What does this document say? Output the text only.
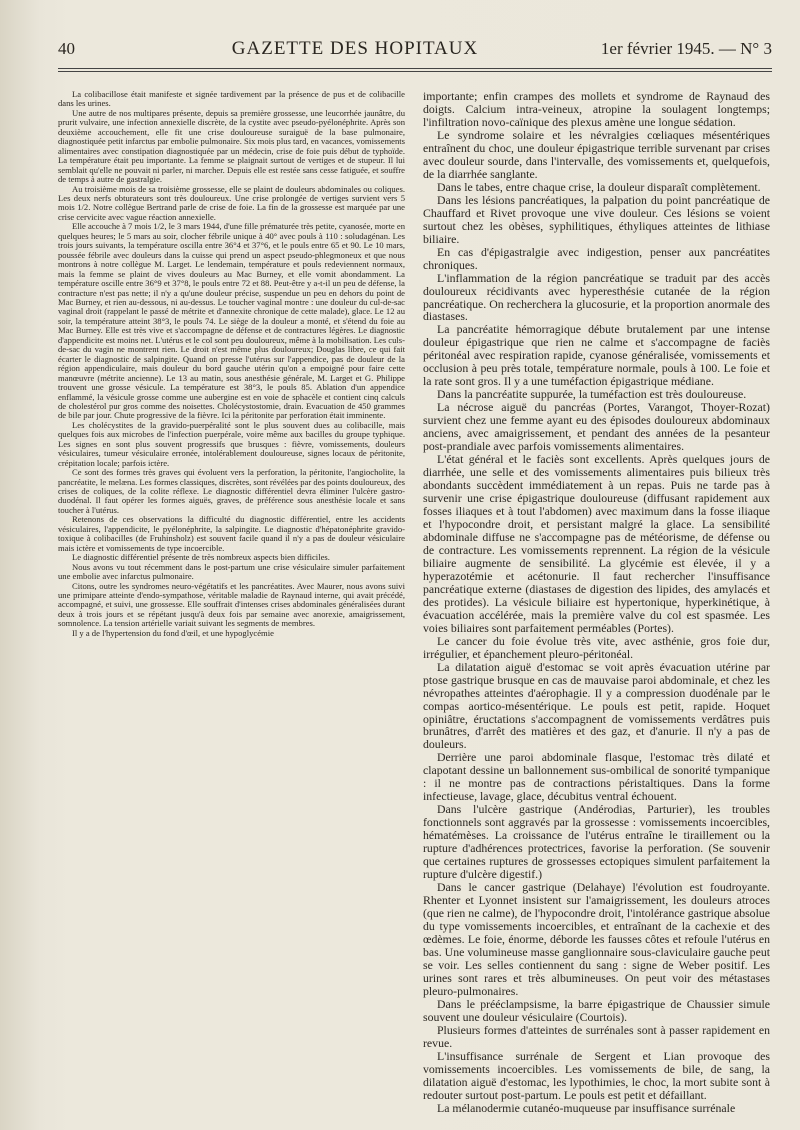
40	GAZETTE DES HOPITAUX	1er février 1945. — N° 3

La colibacillose était manifeste et signée tardivement par la présence de pus et de colibacille dans les urines.

Une autre de nos multipares présente, depuis sa première grossesse, une leucorrhée jaunâtre, du prurit vulvaire, une infection annexielle discrète, de la cystite avec pseudo-pyélonéphrite. Après son deuxième accouchement, elle fit une crise douloureuse suraiguë de la base pulmonaire, diagnostiquée petit infarctus par embolie pulmonaire. Six mois plus tard, en vacances, vomissements alimentaires avec constipation diagnostiquée par un médecin, crise de foie puis début de typhoïde. La température était peu importante. La femme se plaignait surtout de vertiges et de stupeur. Il lui semblait qu'elle ne pouvait ni parler, ni marcher. Depuis elle est restée sans cesse fatiguée, et souffre de temps à autre de gastralgie.

Au troisième mois de sa troisième grossesse, elle se plaint de douleurs abdominales ou coliques. Les deux nerfs obturateurs sont très douloureux. Une crise prolongée de vertiges survient vers 5 mois 1/2. Notre collègue Bertrand parle de crise de foie. La fin de la grossesse est marquée par une crise cervicite avec vague réaction annexielle.

Elle accouche à 7 mois 1/2, le 3 mars 1944, d'une fille prématurée très petite, cyanosée, morte en quelques heures; le 5 mars au soir, clocher fébrile unique à 40° avec pouls à 110 : soludagénan. Les trois jours suivants, la température oscilla entre 36°4 et 37°6, et le pouls entre 65 et 90. Le 10 mars, poussée fébrile avec douleurs dans la cuisse qui prend un aspect pseudo-phlegmoneux et que nous montrons à notre collègue M. Larget. Le lendemain, température et pouls redeviennent normaux, mais la femme se plaint de vives douleurs au Mac Burney, et elle vomit abondamment. La température oscille entre 36°9 et 37°8, le pouls entre 72 et 88. Peut-être y a-t-il un peu de défense, la contracture n'est pas nette; il n'y a qu'une douleur précise, suspendue un peu en dehors du point de Mac Burney, et rien au-dessous, ni au-dessus. Le toucher vaginal montre : une douleur du cul-de-sac vaginal droit (rappelant le passé de métrite et d'annexite chronique de cette malade), glace. Le 12 au soir, la température atteint 38°3, le pouls 74. Le siège de la douleur a monté, et s'étend du foie au Mac Burney. Elle est très vive et s'accompagne de défense et de contractures légères. Le diagnostic d'appendicite est moins net. L'utérus et le col sont peu douloureux, même à la mobilisation. Les culs-de-sac du vagin ne montrent rien. Le droit n'est même plus douloureux; Douglas libre, ce qui fait écarter le diagnostic de salpingite. Quand on presse l'utérus sur l'appendice, pas de douleur de la région appendiculaire, mais douleur du bord gauche utérin qu'on a empoigné pour faire cette manœuvre (métrite ancienne). Le 13 au matin, sous anesthésie générale, M. Larget et G. Philippe trouvent une grosse vésicule. La température est 38°3, le pouls 85. Ablation d'un appendice enflammé, la vésicule grosse comme une aubergine est en voie de sphacèle et contient cinq calculs de cholestérol pur gros comme des noisettes. Cholécystostomie, drain. Evacuation de 450 grammes de bile par jour. Chute progressive de la fièvre. Ici la péritonite par perforation était imminente.

Les cholécystites de la gravido-puerpéralité sont le plus souvent dues au colibacille, mais quelques fois aux microbes de l'infection puerpérale, voire même aux bacilles du groupe typhique. Les signes en sont plus souvent progressifs que brusques : fièvre, vomissements, douleurs vésiculaires, tumeur vésiculaire erronée, intolérablement douloureuse, signes locaux de péritonite, crépitation locale; parfois ictère.

Ce sont des formes très graves qui évoluent vers la perforation, la péritonite, l'angiocholite, la pancréatite, le melæna. Les formes classiques, discrètes, sont révélées par des points douloureux, des crises de coliques, de la colite réflexe. Le diagnostic différentiel devra éliminer l'ulcère gastro-duodénal. Il faut opérer les formes aiguës, graves, de préférence sous anesthésie locale et sans toucher à l'utérus.

Retenons de ces observations la difficulté du diagnostic différentiel, entre les accidents vésiculaires, l'appendicite, le pyélonéphrite, la salpingite. Le diagnostic d'hépatonéphrite gravido-toxique à colibacilles (de Fruhinsholz) est souvent facile quand il n'y a pas de douleur vésiculaire mais ictère et vomissements de type incoercible.

Le diagnostic différentiel présente de très nombreux aspects bien difficiles.

Nous avons vu tout récemment dans le post-partum une crise vésiculaire simuler parfaitement une embolie avec infarctus pulmonaire.

Citons, outre les syndromes neuro-végétatifs et les pancréatites. Avec Maurer, nous avons suivi une primipare atteinte d'endo-sympathose, véritable maladie de Raynaud interne, qui avait précédé, accompagné, et suivi, une grossesse. Elle souffrait d'intenses crises abdominales généralisées durant deux à trois jours et se répétant jusqu'à deux fois par semaine avec anorexie, amaigrissement, somnolence. La tension artérielle variait suivant les segments de membres.

Il y a de l'hypertension du fond d'œil, et une hypoglycémie

importante; enfin crampes des mollets et syndrome de Raynaud des doigts. Calcium intra-veineux, atropine la soulagent longtemps; l'infiltration novo-caïnique des plexus amène une longue sédation.

Le syndrome solaire et les névralgies cœliaques mésentériques entraînent du choc, une douleur épigastrique terrible survenant par crises avec douleur sourde, dans l'intervalle, des vomissements et, quelquefois, de la diarrhée sanglante.

Dans le tabes, entre chaque crise, la douleur disparaît complètement.

Dans les lésions pancréatiques, la palpation du point pancréatique de Chauffard et Rivet provoque une vive douleur. Ces lésions se voient surtout chez les obèses, syphilitiques, éthyliques atteintes de lithiase biliaire.

En cas d'épigastralgie avec indigestion, penser aux pancréatites chroniques.

L'inflammation de la région pancréatique se traduit par des accès douloureux récidivants avec hyperesthésie cutanée de la région pancréatique. On recherchera la glucosurie, et la proportion anormale des diastases.

La pancréatite hémorragique débute brutalement par une intense douleur épigastrique que rien ne calme et s'accompagne de faciès péritonéal avec respiration rapide, cyanose généralisée, vomissements et occlusion à peu près totale, température normale, pouls à 100. Le foie et la rate sont gros. Il y a une tuméfaction épigastrique médiane.

Dans la pancréatite suppurée, la tuméfaction est très douloureuse.

La nécrose aiguë du pancréas (Portes, Varangot, Thoyer-Rozat) survient chez une femme ayant eu des épisodes douloureux abdominaux anciens, avec amaigrissement, et pendant des années de la pesanteur post-prandiale avec parfois vomissements alimentaires.

L'état général et le faciès sont excellents. Après quelques jours de diarrhée, une selle et des vomissements alimentaires puis bilieux très abondants succèdent immédiatement à un repas. Puis ne tarde pas à survenir une crise épigastrique douloureuse (diffusant rapidement aux fosses iliaques et à tout l'abdomen) avec maximum dans la fosse iliaque et l'hypocondre droit, et persistant malgré la glace. La sensibilité abdominale diffuse ne s'accompagne pas de météorisme, de défense ou de contracture. Les vomissements reprennent. La région de la vésicule biliaire augmente de sensibilité. La glycémie est élevée, il y a hyperazotémie et acétonurie. Il faut rechercher l'insuffisance pancréatique externe (diastases de digestion des lipides, des amylacés et des protides). La vésicule biliaire est hypertonique, hyperkinétique, à évacuation accélérée, mais la première valve du col est spasmée. Les voies biliaires sont parfaitement perméables (Portes).

Le cancer du foie évolue très vite, avec asthénie, gros foie dur, irrégulier, et épanchement pleuro-péritonéal.

La dilatation aiguë d'estomac se voit après évacuation utérine par ptose gastrique brusque en cas de mauvaise paroi abdominale, et chez les névropathes atteintes d'aérophagie. Il y a compression duodénale par le compas aortico-mésentérique. Le pouls est petit, rapide. Hoquet opiniâtre, éructations s'accompagnent de vomissements verdâtres puis brunâtres, d'arrêt des matières et des gaz, et d'anurie. Il n'y a pas de douleurs.

Derrière une paroi abdominale flasque, l'estomac très dilaté et clapotant dessine un ballonnement sus-ombilical de sonorité tympanique : il ne montre pas de contractions péristaltiques. Dans la forme infectieuse, lavage, glace, décubitus ventral échouent.

Dans l'ulcère gastrique (Andérodias, Parturier), les troubles fonctionnels sont aggravés par la grossesse : vomissements incoercibles, hématémèses. La croissance de l'utérus entraîne le tiraillement ou la rupture d'adhérences protectrices, favorise la perforation. (Se souvenir que certaines ruptures de grossesses ectopiques simulent parfaitement la rupture d'ulcère digestif.)

Dans le cancer gastrique (Delahaye) l'évolution est foudroyante. Rhenter et Lyonnet insistent sur l'amaigrissement, les douleurs atroces (que rien ne calme), de l'hypocondre droit, l'intolérance gastrique absolue du type vomissements incoercibles, et entraînant de la cachexie et des œdèmes. Le foie, énorme, déborde les fausses côtes et refoule l'utérus en bas. Une volumineuse masse ganglionnaire sous-claviculaire gauche peut se voir. Les selles contiennent du sang : signe de Weber positif. Les urines sont rares et très albumineuses. On peut voir des métastases pleuro-pulmonaires.

Dans le prééclampsisme, la barre épigastrique de Chaussier simule souvent une douleur vésiculaire (Courtois).

Plusieurs formes d'atteintes de surrénales sont à passer rapidement en revue.

L'insuffisance surrénale de Sergent et Lian provoque des vomissements incoercibles. Les vomissements de bile, de sang, la dilatation aiguë d'estomac, les lypothimies, le choc, la mort subite sont à redouter surtout post-partum. Le pouls est petit et défaillant.

La mélanodermie cutanéo-muqueuse par insuffisance surrénale
